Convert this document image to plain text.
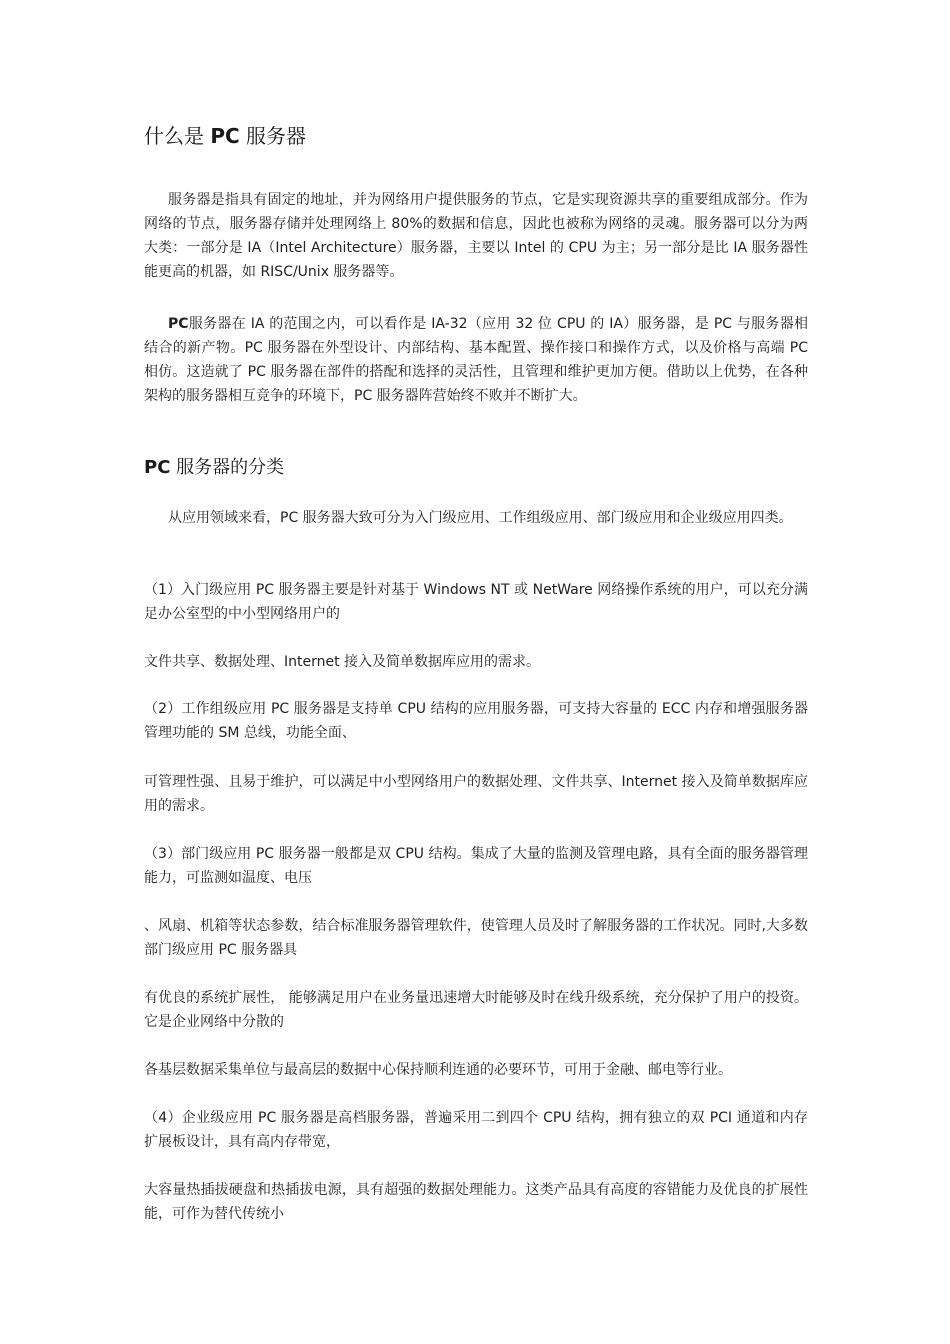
什么是 PC 服务器

服务器是指具有固定的地址，并为网络用户提供服务的节点，它是实现资源共享的重要组成部分。作为网络的节点，服务器存储并处理网络上 80%的数据和信息，因此也被称为网络的灵魂。服务器可以分为两大类：一部分是 IA（Intel Architecture）服务器，主要以 Intel 的 CPU 为主；另一部分是比 IA 服务器性能更高的机器，如 RISC/Unix 服务器等。

PC服务器在 IA 的范围之内，可以看作是 IA-32（应用 32 位 CPU 的 IA）服务器，是 PC 与服务器相结合的新产物。PC 服务器在外型设计、内部结构、基本配置、操作接口和操作方式，以及价格与高端 PC 相仿。这造就了 PC 服务器在部件的搭配和选择的灵活性，且管理和维护更加方便。借助以上优势，在各种架构的服务器相互竞争的环境下，PC 服务器阵营始终不败并不断扩大。

PC 服务器的分类

从应用领域来看，PC 服务器大致可分为入门级应用、工作组级应用、部门级应用和企业级应用四类。

（1）入门级应用 PC 服务器主要是针对基于 Windows NT 或 NetWare 网络操作系统的用户，可以充分满足办公室型的中小型网络用户的

文件共享、数据处理、Internet 接入及简单数据库应用的需求。

（2）工作组级应用 PC 服务器是支持单 CPU 结构的应用服务器，可支持大容量的 ECC 内存和增强服务器管理功能的 SM 总线，功能全面、

可管理性强、且易于维护，可以满足中小型网络用户的数据处理、文件共享、Internet 接入及简单数据库应用的需求。

（3）部门级应用 PC 服务器一般都是双 CPU 结构。集成了大量的监测及管理电路，具有全面的服务器管理能力，可监测如温度、电压

、风扇、机箱等状态参数，结合标准服务器管理软件，使管理人员及时了解服务器的工作状况。同时,大多数部门级应用 PC 服务器具

有优良的系统扩展性， 能够满足用户在业务量迅速增大时能够及时在线升级系统，充分保护了用户的投资。它是企业网络中分散的

各基层数据采集单位与最高层的数据中心保持顺利连通的必要环节，可用于金融、邮电等行业。

（4）企业级应用 PC 服务器是高档服务器，普遍采用二到四个 CPU 结构，拥有独立的双 PCI 通道和内存扩展板设计，具有高内存带宽，

大容量热插拔硬盘和热插拔电源，具有超强的数据处理能力。这类产品具有高度的容错能力及优良的扩展性能，可作为替代传统小
